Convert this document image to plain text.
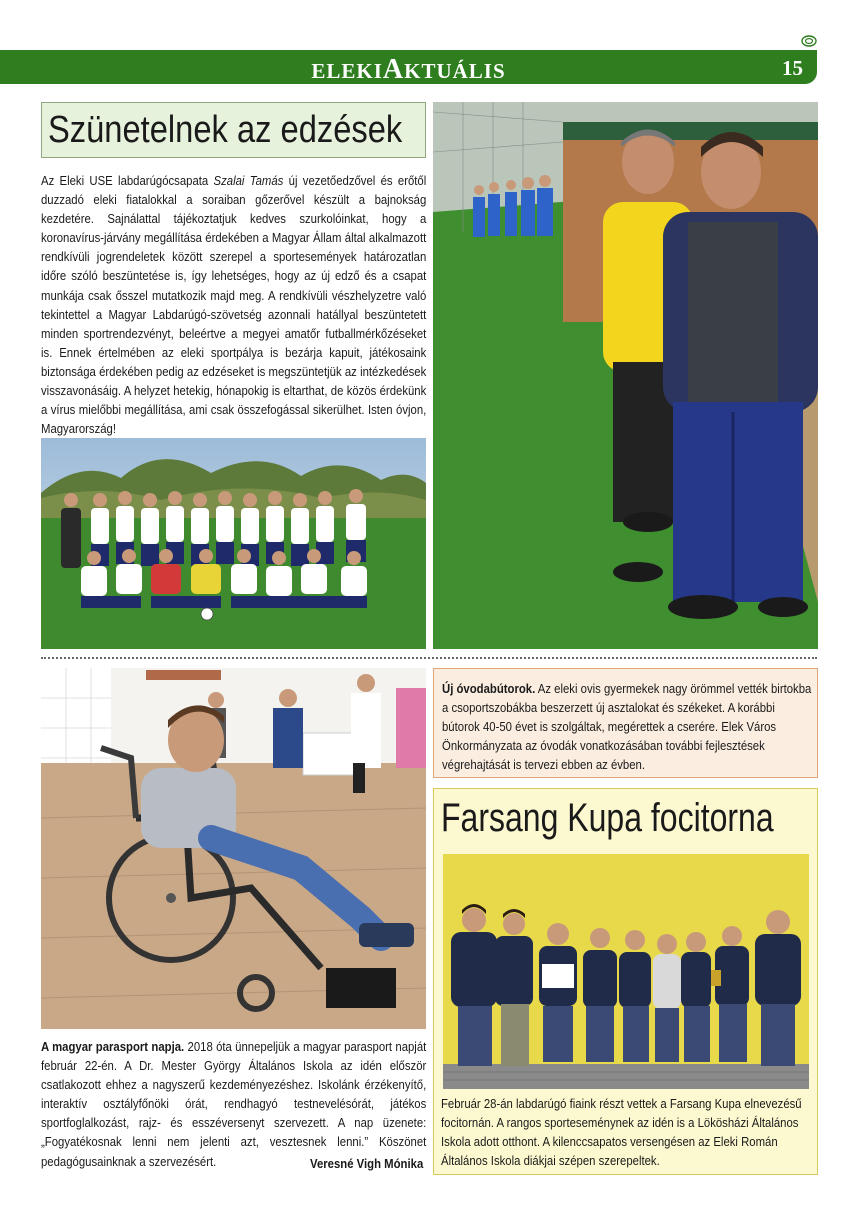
ELEKIAKTUÁLIS	15
Szünetelnek az edzések
Az Eleki USE labdarúgócsapata Szalai Tamás új vezetőedzővel és erőtől duzzadó eleki fiatalokkal a soraiban gőzerővel készült a bajnokság kezdetére. Sajnálattal tájékoztatjuk kedves szurkolóinkat, hogy a koronavírus-járvány megállítása érdekében a Magyar Állam által alkalmazott rendkívüli jogrendeletek között szerepel a sportesemények határozatlan időre szóló beszüntetése is, így lehetséges, hogy az új edző és a csapat munkája csak ősszel mutatkozik majd meg. A rendkívüli vészhelyzetre való tekintettel a Magyar Labdarúgó-szövetség azonnali hatállyal beszüntetett minden sportrendezvényt, beleértve a megyei amatőr futballmérkőzéseket is. Ennek értelmében az eleki sportpálya is bezárja kapuit, játékosaink biztonsága érdekében pedig az edzéseket is megszüntetjük az intézkedések visszavonásáig. A helyzet hetekig, hónapokig is eltarthat, de közös érdekünk a vírus mielőbbi megállítása, ami csak összefogással sikerülhet. Isten óvjon, Magyarország!
A magyar parasport napja. 2018 óta ünnepeljük a magyar parasport napját február 22-én. A Dr. Mester György Általános Iskola az idén először csatlakozott ehhez a nagyszerű kezdeményezéshez. Iskolánk érzékenyítő, interaktív osztályfőnöki órát, rendhagyó testnevelésórát, játékos sportfoglalkozást, rajz- és esszéversenyt szervezett. A nap üzenete: „Fogyatékosnak lenni nem jelenti azt, vesztesnek lenni.” Köszönet pedagógusainknak a szervezésért.	Veresné Vigh Mónika
Új óvodabútorok. Az eleki ovis gyermekek nagy örömmel vették birtokba a csoportszobákba beszerzett új asztalokat és székeket. A korábbi bútorok 40-50 évet is szolgáltak, megérettek a cserére. Elek Város Önkormányzata az óvodák vonatkozásában további fejlesztések végrehajtását is tervezi ebben az évben.
Farsang Kupa focitorna
Február 28-án labdarúgó fiaink részt vettek a Farsang Kupa elnevezésű focitornán. A rangos sporteseménynek az idén is a Lökösházi Általános Iskola adott otthont. A kilenccsapatos versengésen az Eleki Román Általános Iskola diákjai szépen szerepeltek.
